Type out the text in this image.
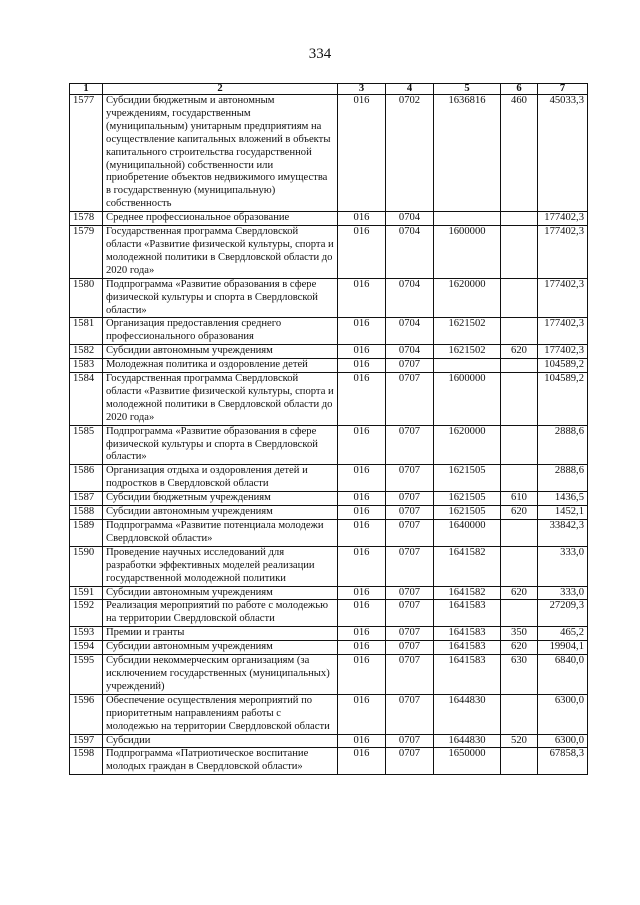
334
1	2	3	4	5	6	7
1577	Субсидии бюджетным и автономным учреждениям, государственным (муниципальным) унитарным предприятиям на осуществление капитальных вложений в объекты капитального строительства государственной (муниципальной) собственности или приобретение объектов недвижимого имущества в государственную (муниципальную) собственность	016	0702	1636816	460	45033,3
1578	Среднее профессиональное образование	016	0704			177402,3
1579	Государственная программа Свердловской области «Развитие физической культуры, спорта и молодежной политики в Свердловской области до 2020 года»	016	0704	1600000		177402,3
1580	Подпрограмма «Развитие образования в сфере физической культуры и спорта в Свердловской области»	016	0704	1620000		177402,3
1581	Организация предоставления среднего профессионального образования	016	0704	1621502		177402,3
1582	Субсидии автономным учреждениям	016	0704	1621502	620	177402,3
1583	Молодежная политика и оздоровление детей	016	0707			104589,2
1584	Государственная программа Свердловской области «Развитие физической культуры, спорта и молодежной политики в Свердловской области до 2020 года»	016	0707	1600000		104589,2
1585	Подпрограмма «Развитие образования в сфере физической культуры и спорта в Свердловской области»	016	0707	1620000		2888,6
1586	Организация отдыха и оздоровления детей и подростков в Свердловской области	016	0707	1621505		2888,6
1587	Субсидии бюджетным учреждениям	016	0707	1621505	610	1436,5
1588	Субсидии автономным учреждениям	016	0707	1621505	620	1452,1
1589	Подпрограмма «Развитие потенциала молодежи Свердловской области»	016	0707	1640000		33842,3
1590	Проведение научных исследований для разработки эффективных моделей реализации государственной молодежной политики	016	0707	1641582		333,0
1591	Субсидии автономным учреждениям	016	0707	1641582	620	333,0
1592	Реализация мероприятий по работе с молодежью на территории Свердловской области	016	0707	1641583		27209,3
1593	Премии и гранты	016	0707	1641583	350	465,2
1594	Субсидии автономным учреждениям	016	0707	1641583	620	19904,1
1595	Субсидии некоммерческим организациям (за исключением государственных (муниципальных) учреждений)	016	0707	1641583	630	6840,0
1596	Обеспечение осуществления мероприятий по приоритетным направлениям работы с молодежью на территории Свердловской области	016	0707	1644830		6300,0
1597	Субсидии	016	0707	1644830	520	6300,0
1598	Подпрограмма «Патриотическое воспитание молодых граждан в Свердловской области»	016	0707	1650000		67858,3
